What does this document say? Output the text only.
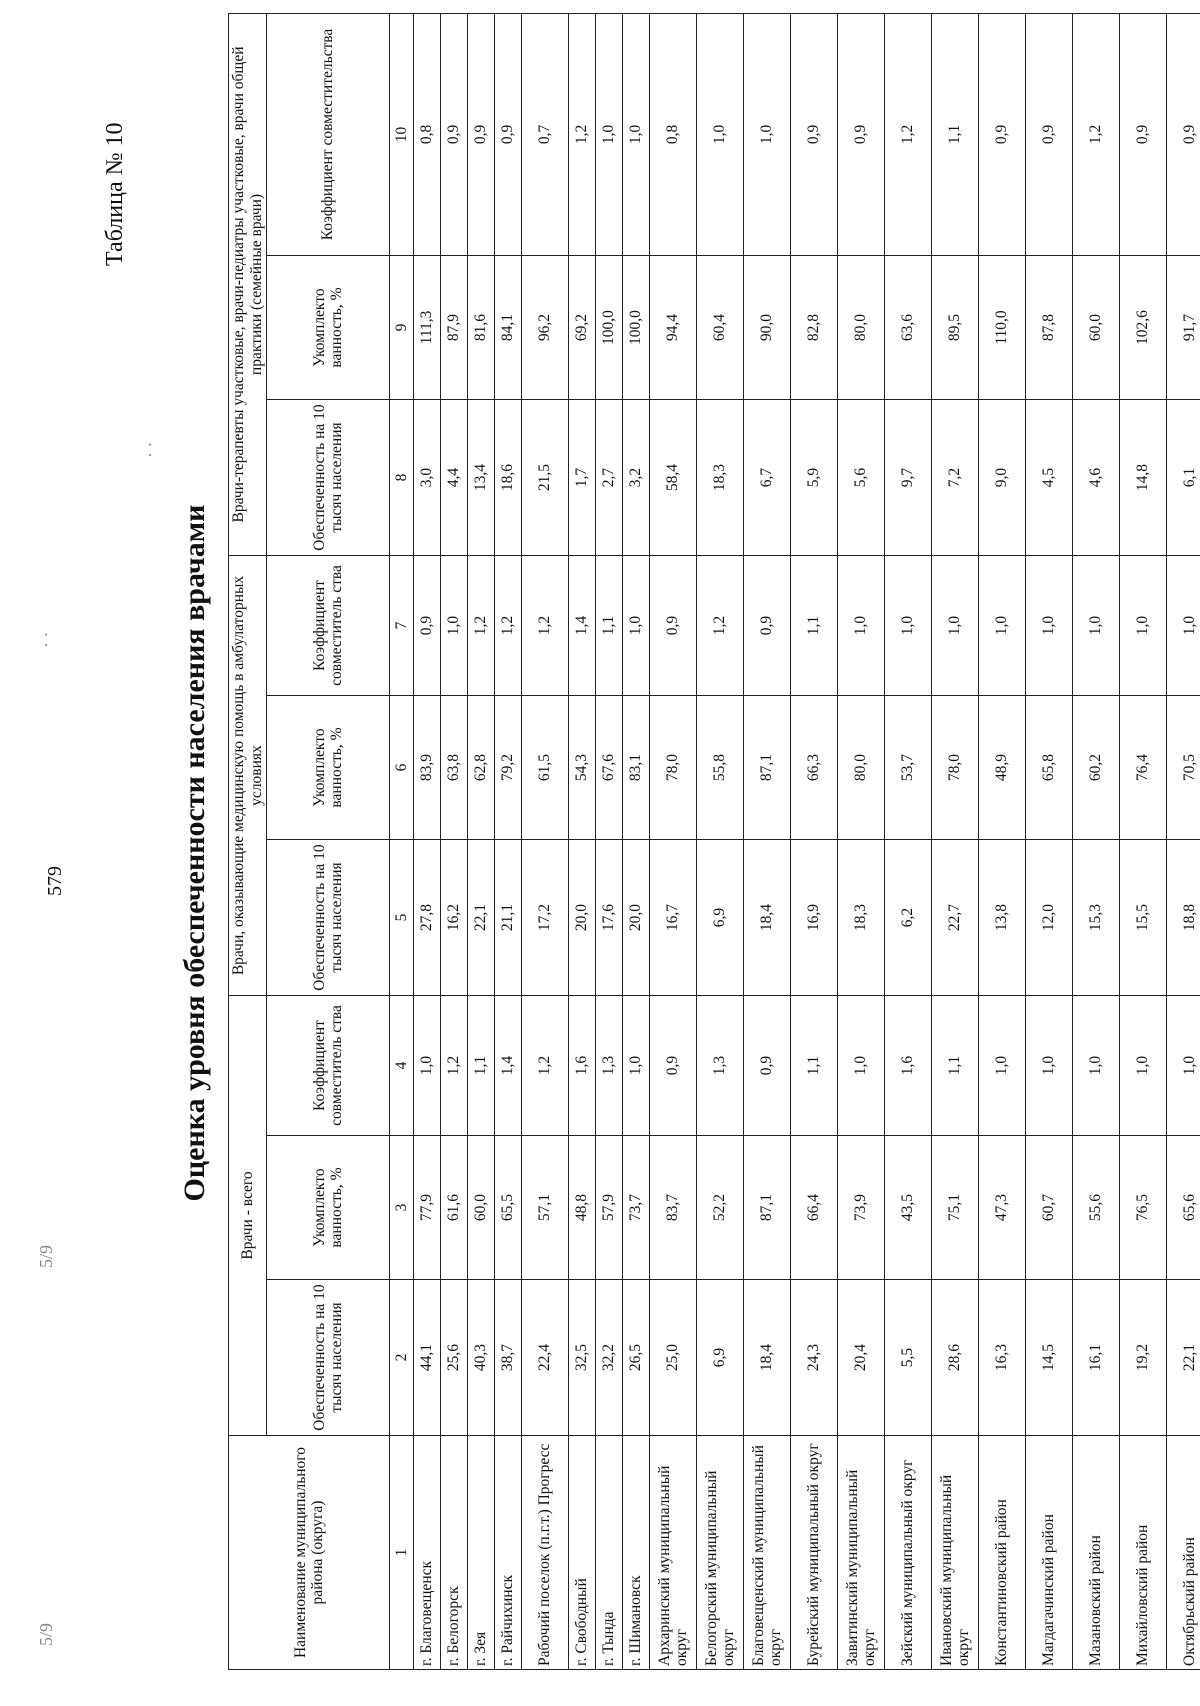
5/9
5/9
· ·
· ·
579
Таблица № 10
Оценка уровня обеспеченности населения врачами
Наименование муниципального района (округа)	Врачи - всего			Врачи, оказывающие медицинскую помощь в амбулаторных условиях			Врачи-терапевты участковые, врачи-педиатры участковые, врачи общей практики (семейные врачи)		
	Обеспеченность на 10 тысяч населения	Укомплекто ванность, %	Коэффициент совместитель ства	Обеспеченность на 10 тысяч населения	Укомплекто ванность, %	Коэффициент совместитель ства	Обеспеченность на 10 тысяч населения	Укомплекто ванность, %	Коэффициент совместительства
1	2	3	4	5	6	7	8	9	10
г. Благовещенск	44,1	77,9	1,0	27,8	83,9	0,9	3,0	111,3	0,8
г. Белогорск	25,6	61,6	1,2	16,2	63,8	1,0	4,4	87,9	0,9
г. Зея	40,3	60,0	1,1	22,1	62,8	1,2	13,4	81,6	0,9
г. Райчихинск	38,7	65,5	1,4	21,1	79,2	1,2	18,6	84,1	0,9
Рабочий поселок (п.г.т.) Прогресс	22,4	57,1	1,2	17,2	61,5	1,2	21,5	96,2	0,7
г. Свободный	32,5	48,8	1,6	20,0	54,3	1,4	1,7	69,2	1,2
г. Тында	32,2	57,9	1,3	17,6	67,6	1,1	2,7	100,0	1,0
г. Шимановск	26,5	73,7	1,0	20,0	83,1	1,0	3,2	100,0	1,0
Архаринский муниципальный округ	25,0	83,7	0,9	16,7	78,0	0,9	58,4	94,4	0,8
Белогорский муниципальный округ	6,9	52,2	1,3	6,9	55,8	1,2	18,3	60,4	1,0
Благовещенский муниципальный округ	18,4	87,1	0,9	18,4	87,1	0,9	6,7	90,0	1,0
Бурейский муниципальный округ	24,3	66,4	1,1	16,9	66,3	1,1	5,9	82,8	0,9
Завитинский муниципальный округ	20,4	73,9	1,0	18,3	80,0	1,0	5,6	80,0	0,9
Зейский муниципальный округ	5,5	43,5	1,6	6,2	53,7	1,0	9,7	63,6	1,2
Ивановский муниципальный округ	28,6	75,1	1,1	22,7	78,0	1,0	7,2	89,5	1,1
Константиновский район	16,3	47,3	1,0	13,8	48,9	1,0	9,0	110,0	0,9
Магдагачинский район	14,5	60,7	1,0	12,0	65,8	1,0	4,5	87,8	0,9
Мазановский район	16,1	55,6	1,0	15,3	60,2	1,0	4,6	60,0	1,2
Михайловский район	19,2	76,5	1,0	15,5	76,4	1,0	14,8	102,6	0,9
Октябрьский район	22,1	65,6	1,0	18,8	70,5	1,0	6,1	91,7	0,9
